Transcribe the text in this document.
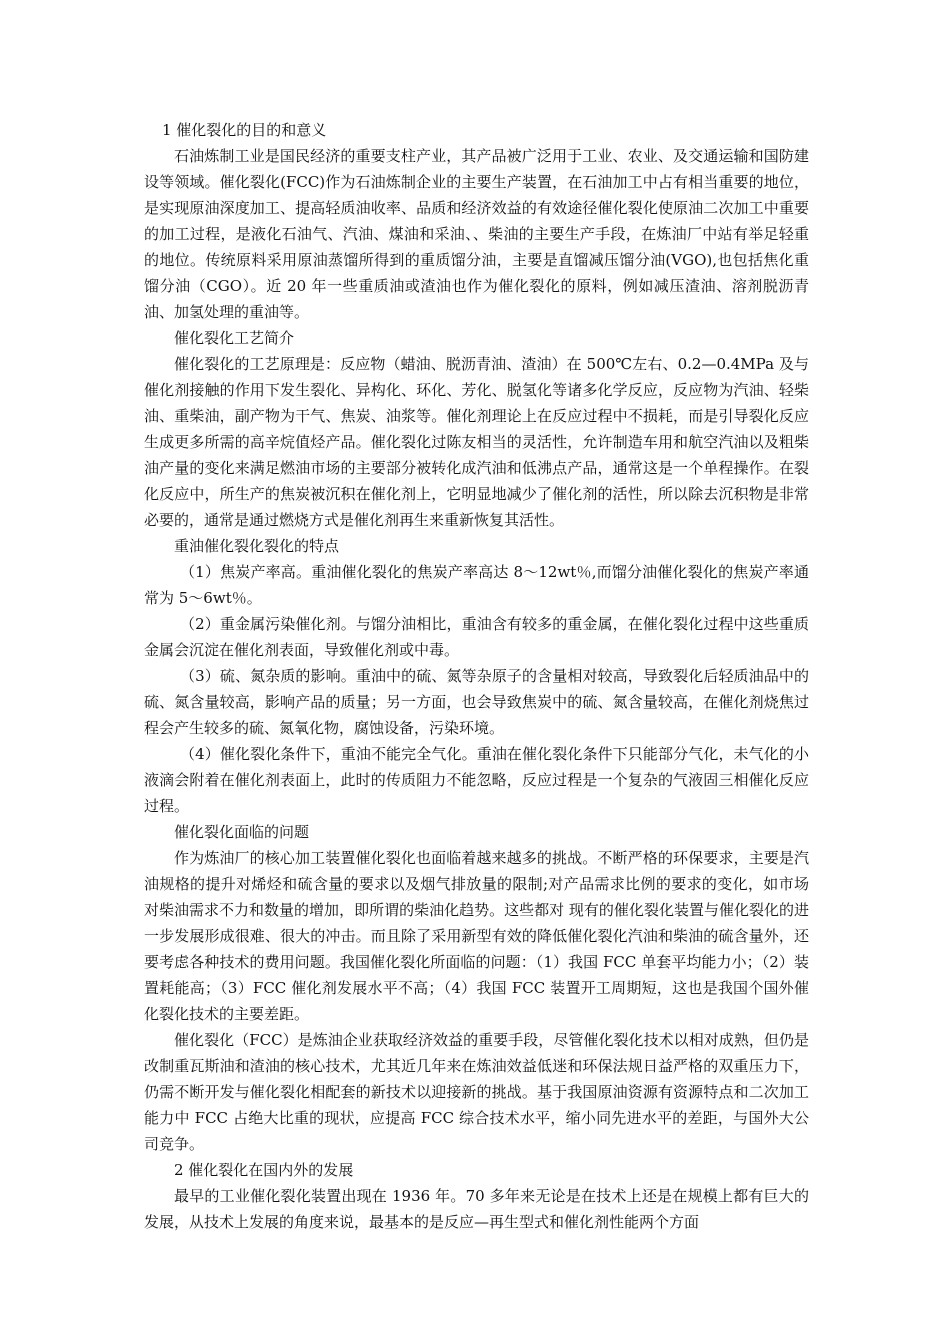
1 催化裂化的目的和意义

石油炼制工业是国民经济的重要支柱产业，其产品被广泛用于工业、农业、及交通运输和国防建设等领域。催化裂化(FCC)作为石油炼制企业的主要生产装置，在石油加工中占有相当重要的地位，是实现原油深度加工、提高轻质油收率、品质和经济效益的有效途径催化裂化使原油二次加工中重要的加工过程，是液化石油气、汽油、煤油和采油、、柴油的主要生产手段，在炼油厂中站有举足轻重的地位。传统原料采用原油蒸馏所得到的重质馏分油，主要是直馏减压馏分油(VGO),也包括焦化重馏分油（CGO）。近 20 年一些重质油或渣油也作为催化裂化的原料，例如减压渣油、溶剂脱沥青油、加氢处理的重油等。

催化裂化工艺简介

催化裂化的工艺原理是：反应物（蜡油、脱沥青油、渣油）在 500℃左右、0.2—0.4MPa 及与催化剂接触的作用下发生裂化、异构化、环化、芳化、脱氢化等诸多化学反应，反应物为汽油、轻柴油、重柴油，副产物为干气、焦炭、油浆等。催化剂理论上在反应过程中不损耗，而是引导裂化反应生成更多所需的高辛烷值烃产品。催化裂化过陈友相当的灵活性，允许制造车用和航空汽油以及粗柴油产量的变化来满足燃油市场的主要部分被转化成汽油和低沸点产品，通常这是一个单程操作。在裂化反应中，所生产的焦炭被沉积在催化剂上，它明显地减少了催化剂的活性，所以除去沉积物是非常必要的，通常是通过燃烧方式是催化剂再生来重新恢复其活性。

重油催化裂化裂化的特点

（1）焦炭产率高。重油催化裂化的焦炭产率高达 8～12wt％,而馏分油催化裂化的焦炭产率通常为 5～6wt％。

（2）重金属污染催化剂。与馏分油相比，重油含有较多的重金属，在催化裂化过程中这些重质金属会沉淀在催化剂表面，导致催化剂或中毒。

（3）硫、氮杂质的影响。重油中的硫、氮等杂原子的含量相对较高，导致裂化后轻质油品中的硫、氮含量较高，影响产品的质量；另一方面，也会导致焦炭中的硫、氮含量较高，在催化剂烧焦过程会产生较多的硫、氮氧化物，腐蚀设备，污染环境。

（4）催化裂化条件下，重油不能完全气化。重油在催化裂化条件下只能部分气化，未气化的小液滴会附着在催化剂表面上，此时的传质阻力不能忽略，反应过程是一个复杂的气液固三相催化反应过程。

催化裂化面临的问题

作为炼油厂的核心加工装置催化裂化也面临着越来越多的挑战。不断严格的环保要求，主要是汽油规格的提升对烯烃和硫含量的要求以及烟气排放量的限制;对产品需求比例的要求的变化，如市场对柴油需求不力和数量的增加，即所谓的柴油化趋势。这些都对 现有的催化裂化装置与催化裂化的进一步发展形成很难、很大的冲击。而且除了采用新型有效的降低催化裂化汽油和柴油的硫含量外，还要考虑各种技术的费用问题。我国催化裂化所面临的问题：（1）我国 FCC 单套平均能力小；（2）装置耗能高；（3）FCC 催化剂发展水平不高；（4）我国 FCC 装置开工周期短，这也是我国个国外催化裂化技术的主要差距。

催化裂化（FCC）是炼油企业获取经济效益的重要手段，尽管催化裂化技术以相对成熟，但仍是改制重瓦斯油和渣油的核心技术，尤其近几年来在炼油效益低迷和环保法规日益严格的双重压力下，仍需不断开发与催化裂化相配套的新技术以迎接新的挑战。基于我国原油资源有资源特点和二次加工能力中 FCC 占绝大比重的现状，应提高 FCC 综合技术水平，缩小同先进水平的差距，与国外大公司竞争。

2 催化裂化在国内外的发展

最早的工业催化裂化装置出现在 1936 年。70 多年来无论是在技术上还是在规模上都有巨大的发展，从技术上发展的角度来说，最基本的是反应—再生型式和催化剂性能两个方面
